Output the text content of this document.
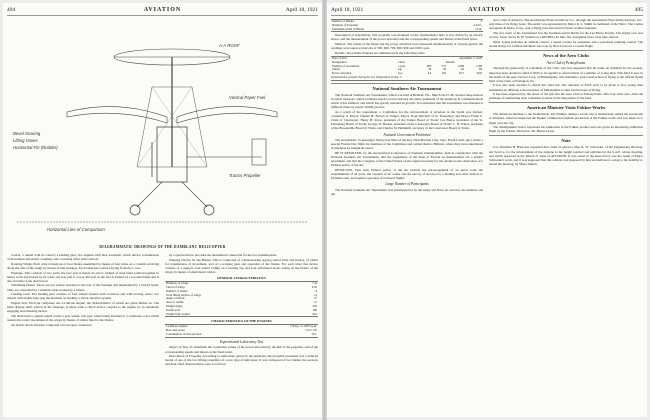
494	AVIATION	April 18, 1921
A-A ROOF
Vertical Paper Fuel
Bevel Gearing
Lifting Vanes
Horizontal Fin (Rudder)
Tractor Propeller
Horizontal Line of Comparison
DIAGRAMMATIC DRAWINGS OF THE DAMBLANC HELICOPTER

control; a rudder with its control; a landing gear; two engines with their automatic clutch device, transmission of movement and elastic coupling; and a working drive with controls.

Rotating Wings. Each wing is made up of four blades assembled by means of four tubes on a conduit revolving about the axis of the wings by means of ball bearings. Each blade has a pitch varying from tip to root.

Fuselage. This consists of two parts; the fore part is metal; its end is formed of steel tubes jointed together in lattice work and braced by tie wires; the rear part is wood. The part in the rear is formed of a wooden frame and is also in lattice work and braced.

Stabilizing Planes. There are two planes attached to the rear of the fuselage and maintained by a braced beam. They are controlled by a suitable cable worked by a wheel.

Landing Gear. The landing gear consists of four wheels housed with crossbars and with bracing wires; two wheels with brakes help stop the machine on landing; a shock absorber system.

Engine Sets. Each set comprises one Le Rhone engine, the characteristics of which are given further on. The main driving shaft, placed in the fuselage, is fitted with a clutch device coupled to the engine by an automatic engaging and releasing device.

The shaft bears a pinion which works a gear wheel; this gear wheel being attached to a crankcase cover which assures the rotary movement of the wings by means of cables fixed to the blades.

An elastic shock absorber composed of bevel gear connected

by a special device provides the mechanical connection for the two transmissions.

Warping Device for the Blades. This is composed of a maneuvering organ (control stick and levers), of cables for transmission of movement, and of a warping gear and operation of the blades. For each wing this device consists of a support, four rollers rolling on a bearing cup and four articulated levers acting on the blades of the wings by means of small metal cables.

GENERAL CHARACTERISTICS
Diameter of wings	7 m
Chord of wings	0.45
Number of blades	4
Total lifting surface of wings	21
Angle of attack	9°
Area of rudder	1.5
Weight empty	450
Useful load	160
Weight fully loaded	610
CHARACTERISTICS OF THE ENGINES
Le Rhone engines	110 h.p. at 1200 r.p.m.
Bore and stroke	112 x 170
Consumption of fuel per hour	70 l.
Experimental Laboratory Test

Object of Test. To determine the correlative values of the power absorbed by the hub of the propeller, and of the corresponding speeds and thrusts at the fixed point.

Description of Propeller. According to indications given by the applicant, the propeller presented was a reduced model of one of the two lifting propellers of a new type of helicopter. It was composed of two blades; the sections and their chief characteristics were as follows:

April 18, 1921	AVIATION	495
Number of Blades	4
Diameter of Propeller	2.44 ft.
Maximum width of Blades	14 in.

Description of Installation. The propeller was mounted on the dynamometer hub; it was driven by an electric motor, and the measurement of the power absorbed and the corresponding speeds and thrusts at the fixed point.

Method. The values of the thrust and the power absorbed were measured simultaneously at varying speeds; the readings were taken at intervals of 500, 600, 700, 800, 900 and 1000 r.p.m.

Results. The results obtained are summarized in the following table:

Date of Test	September 2, 1920				
Designation	Units	Results			
Number of revolutions	r.p.m.	600	775	1000	1160
Thrust	kg.	20	36	62	84
Power absorbed	h.p.	4.4	8.6	18.7	29.8
Dynamometric pressure during the test. Temperature 20 deg. C.
National Southern Air Tournament

The National Southern Air Tournament, which was held at Belleair, Fla., March 26-27-28, aroused deep interest in aerial transport, which promises much toward relieving the entire peninsula of the handicap in communications which it has suffered, and which has greatly retarded its growth. It is estimated that the tournament was attended at different times by nearly 50,000 persons.

As a result of the tournament, a Committee for the Advancement of Aviation in the South was formed, consisting of Mayor Charles H. Brown of Tampa; Mayor Noel Mitchell of St. Petersburg and Mayor Frank L. Clark of Clearwater; Henry B. Snow, president of the Tampa Board of Trade; Lee Bruce, president of the St. Petersburg Board of Trade; George W. Barnes, president of the Clearwater Board of Trade; C. H. Prince, president of the Brooksville Board of Trade, and Charles M. Hemphill, secretary of the Clearwater Board of Trade.

National Government Petitioned

The Aeromarine 75-passenger flying boat Nina of the Key West-Havana Line, Capt. Frank Landi, pilot, made a special Florida Day flight for members of the Committee and carried them to Belleair, where they were entertained at luncheon by Knight & Carter.

BE IT RESOLVED, by the Aeronautical Conference of Southern municipalities, held in conjunction with the National Southern Air Tournament, that the Legislature of the State of Florida be memorialized for a similar enactment, and that the Congress of the United States on the urgent necessity for the adoption and observance of a Federal policy of the Air.

RESOLVED, That such Federal policy of the Air include the encouragement of an aerial code, the establishment of air ports, the creation of air routes and the survey of airways for a landing and other devices to facilitate early and regular operation of transport flights.

Large Number of Participants

The National Southern Air Tournament was participated in by the Army and Navy air services, the industry and the

Aero Club of America. The Aeromarine Plane and Motor Co., through the Aeromarine West Indies Airways, Inc., sent three of its flying boats. The Army was represented by Major R. L. Smith in command of the 'Nina'. The Curtiss Aeroplane & Motor Corp., sent a flying boat and several Oriole civilian airplanes.

The star event of the tournament was the Southern Aerial Derby for the Lee Bruce Trophy. The trophy race was won by Lieut. Victor B. H. Strahm on a DH-4B in 61 min. flat. Altogether there were nine starters.

Other events included an altitude contest, a speed contest for seaplanes and a parachute jumping contest. The Aerial Derby for Civilian machines was won by Bert Acosta in a Curtiss Eagle.

News of the Aero Clubs
Aero Club of Pennsylvania

Through the generosity of a member of the Club, who has requested that his name be withheld for the present, there has been donated a fund of $525 to be applied to aerial tuition of a number of young men. This fund is now in the hands of the Aero Service Corp. of Philadelphia, who maintain a year-round school of flying at the official flying field of the Club, at Essington, Pa.

It has also been decided to divide this fund into five amounts of $105 each to be given to five young men nominated by different school masters of Philadelphia to take twelve hours of flying.

It has been expressed by the donor of the gift that the Aero Club of Pennsylvania offer four other aero clubs the privilege of nominating such a member as share in the disposition of the fund.

American Minister Visits Fokker Works

The American minister to the Netherlands, Mr. Phillips, during a recent trip to Amsterdam visited the aerodrome at Schiphol, where he inspected the Fokker commercial airplane production at the Fokker works and was taken for a flight over the city.

The distinguished visitor expressed his admiration at the Fokker product and was given an interesting exhibition flight by the Fokker chief pilot, Mr. Bertus Grasé.

Note

Col. Thurman H. Bane has requested that credit be given to Maj. R. W. Schroeder, of the Engineering Division, Air Service, for the development of the airplane to the height reached and exhibited at the S.A.E. winter meeting, and which appeared in the March 21 issue of AVIATION. It was stated in the issue that it was the result of Major Schroeder's work, and it was supposed that this address was prepared by him and delivered, owing to his inability to attend the meeting, by Major Martin.
